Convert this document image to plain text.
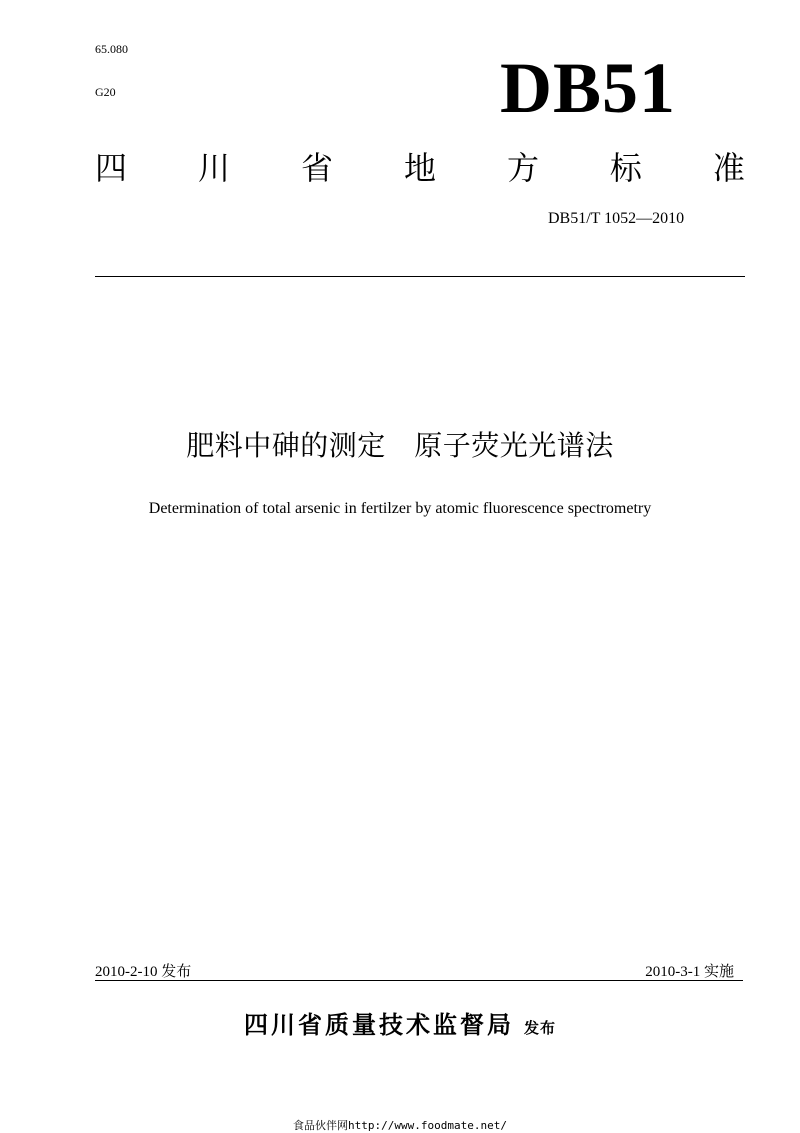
65.080

G20	DB51
四 川 省 地 方 标 准

DB51/T 1052—2010

肥料中砷的测定　原子荧光光谱法

Determination of total arsenic in fertilzer by atomic fluorescence spectrometry

2010-2-10 发布	2010-3-1 实施

四川省质量技术监督局 发布

食品伙伴网http://www.foodmate.net/
